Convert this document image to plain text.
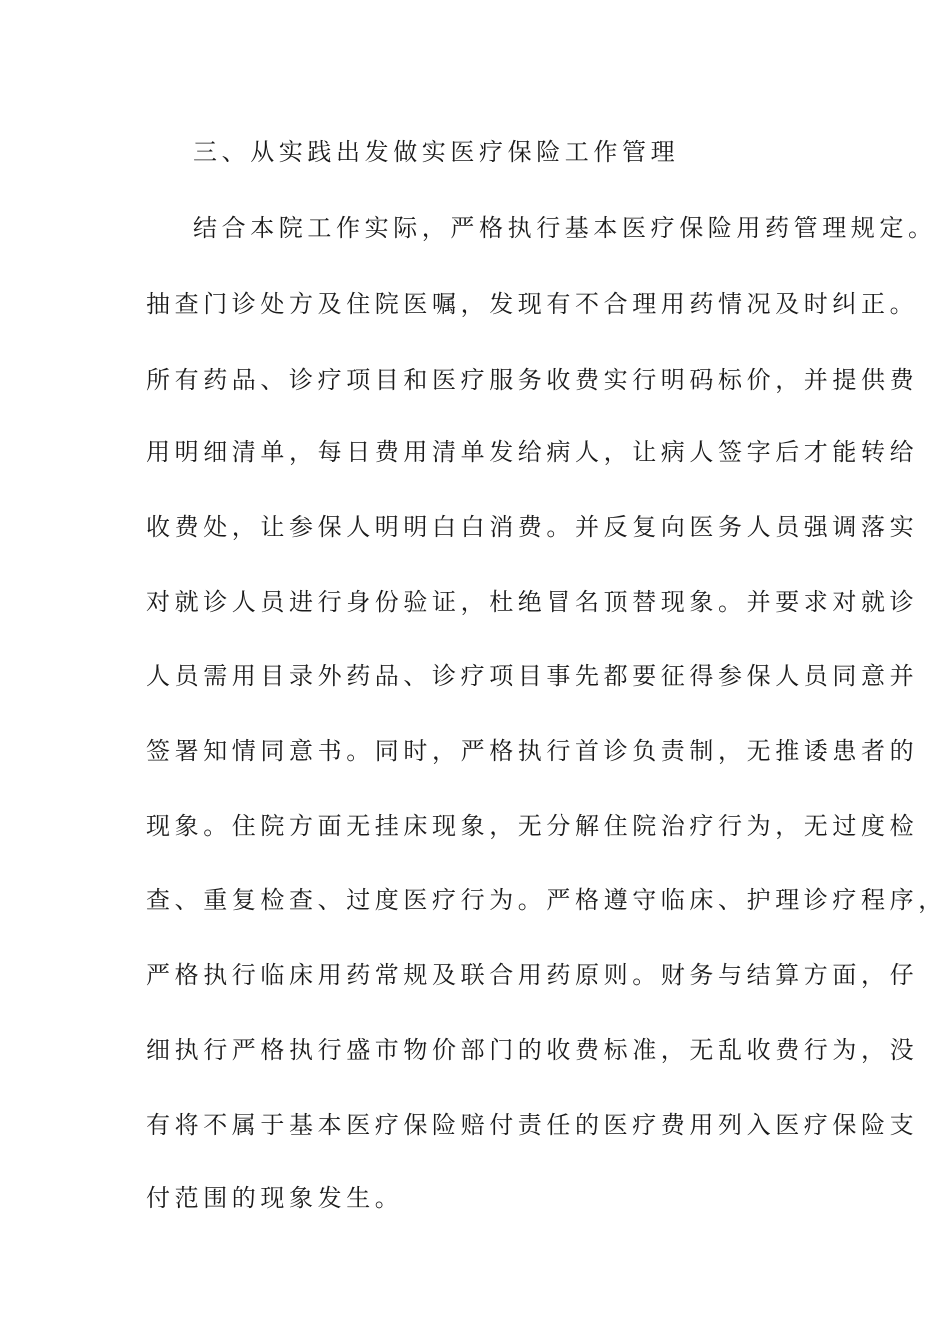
三、从实践出发做实医疗保险工作管理
结合本院工作实际，严格执行基本医疗保险用药管理规定。
抽查门诊处方及住院医嘱，发现有不合理用药情况及时纠正。
所有药品、诊疗项目和医疗服务收费实行明码标价，并提供费
用明细清单，每日费用清单发给病人，让病人签字后才能转给
收费处，让参保人明明白白消费。并反复向医务人员强调落实
对就诊人员进行身份验证，杜绝冒名顶替现象。并要求对就诊
人员需用目录外药品、诊疗项目事先都要征得参保人员同意并
签署知情同意书。同时，严格执行首诊负责制，无推诿患者的
现象。住院方面无挂床现象，无分解住院治疗行为，无过度检
查、重复检查、过度医疗行为。严格遵守临床、护理诊疗程序，
严格执行临床用药常规及联合用药原则。财务与结算方面，仔
细执行严格执行盛市物价部门的收费标准，无乱收费行为，没
有将不属于基本医疗保险赔付责任的医疗费用列入医疗保险支
付范围的现象发生。
